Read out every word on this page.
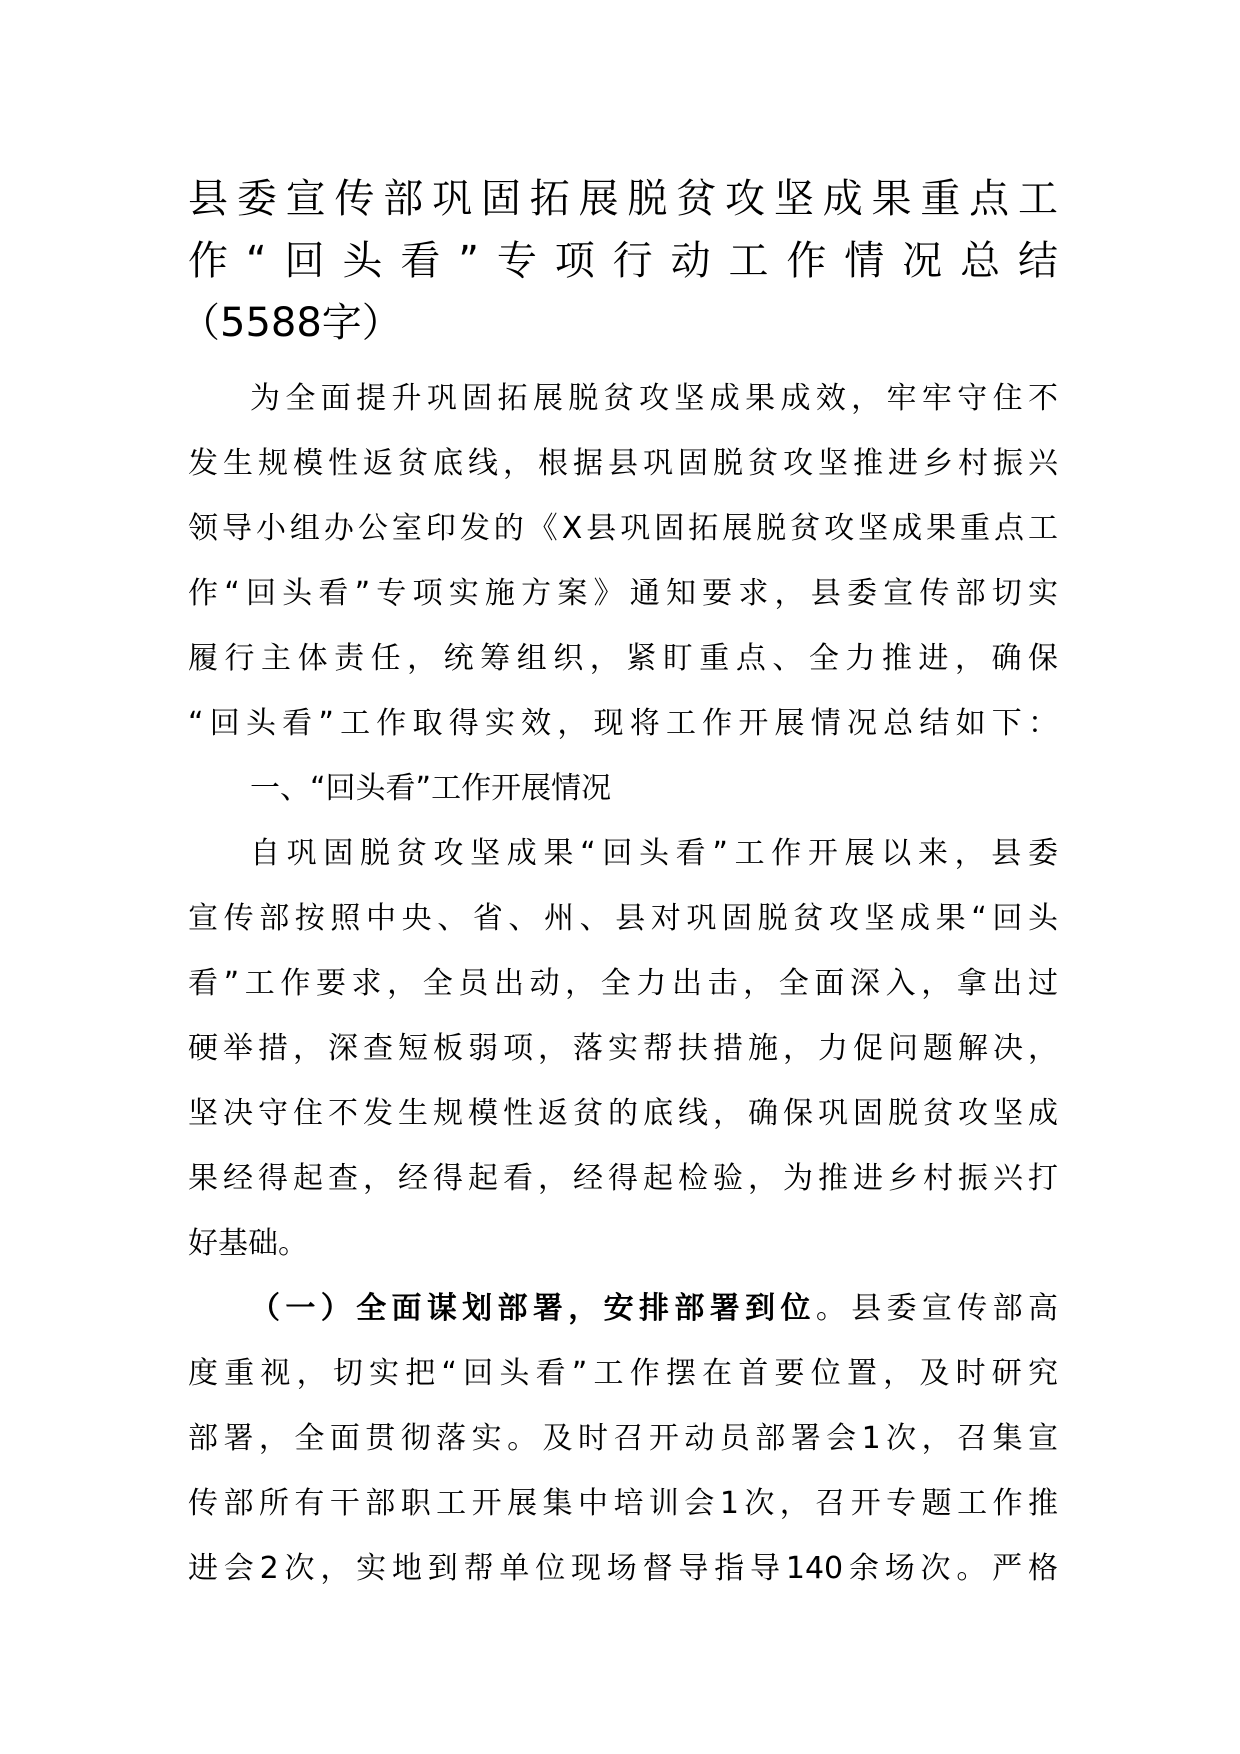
县委宣传部巩固拓展脱贫攻坚成果重点工
作“回头看”专项行动工作情况总结
（5588字）
为全面提升巩固拓展脱贫攻坚成果成效，牢牢守住不
发生规模性返贫底线，根据县巩固脱贫攻坚推进乡村振兴
领导小组办公室印发的《X县巩固拓展脱贫攻坚成果重点工
作“回头看”专项实施方案》通知要求，县委宣传部切实
履行主体责任，统筹组织，紧盯重点、全力推进，确保
“回头看”工作取得实效，现将工作开展情况总结如下：
一、“回头看”工作开展情况
自巩固脱贫攻坚成果“回头看”工作开展以来，县委
宣传部按照中央、省、州、县对巩固脱贫攻坚成果“回头
看”工作要求，全员出动，全力出击，全面深入，拿出过
硬举措，深查短板弱项，落实帮扶措施，力促问题解决，
坚决守住不发生规模性返贫的底线，确保巩固脱贫攻坚成
果经得起查，经得起看，经得起检验，为推进乡村振兴打
好基础。
（一）全面谋划部署，安排部署到位。县委宣传部高
度重视，切实把“回头看”工作摆在首要位置，及时研究
部署，全面贯彻落实。及时召开动员部署会1次，召集宣
传部所有干部职工开展集中培训会1次，召开专题工作推
进会2次，实地到帮单位现场督导指导140余场次。严格
